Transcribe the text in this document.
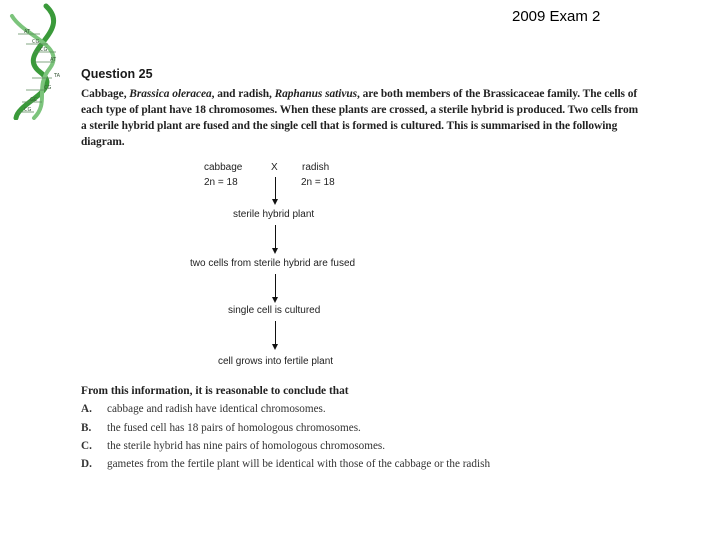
2009 Exam 2
AT
CG
CG
AT
TA
CG
GC
CG
Question 25
Cabbage, Brassica oleracea, and radish, Raphanus sativus, are both members of the Brassicaceae family. The cells of each type of plant have 18 chromosomes. When these plants are crossed, a sterile hybrid is produced. Two cells from a sterile hybrid plant are fused and the single cell that is formed is cultured. This is summarised in the following diagram.
cabbage
2n = 18
X radish
2n = 18
sterile hybrid plant
two cells from sterile hybrid are fused
single cell is cultured
cell grows into fertile plant
From this information, it is reasonable to conclude that
A. cabbage and radish have identical chromosomes.
B. the fused cell has 18 pairs of homologous chromosomes.
C. the sterile hybrid has nine pairs of homologous chromosomes.
D. gametes from the fertile plant will be identical with those of the cabbage or the radish
